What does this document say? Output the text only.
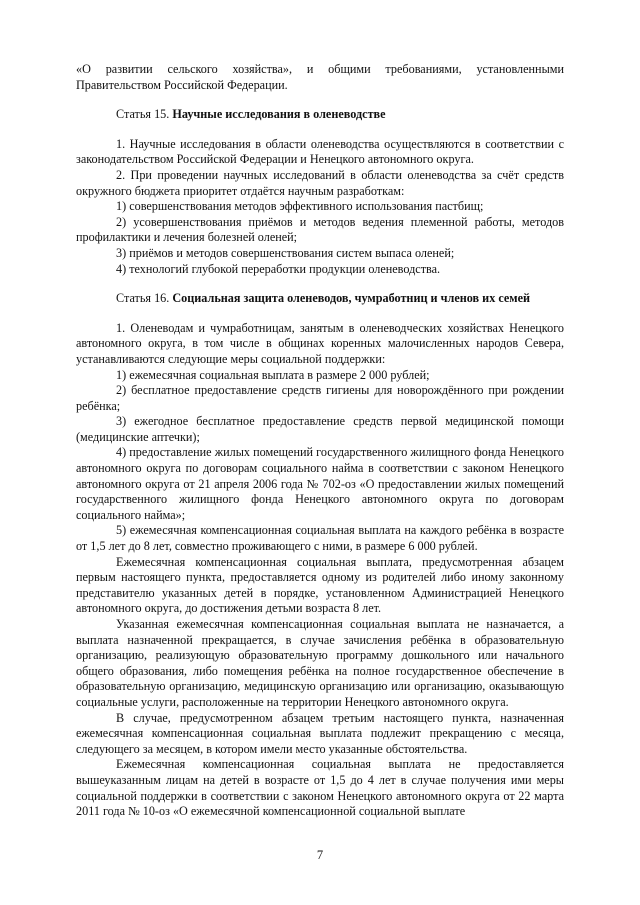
«О развитии сельского хозяйства», и общими требованиями, установленными Правительством Российской Федерации.

Статья 15. Научные исследования в оленеводстве

1. Научные исследования в области оленеводства осуществляются в соответствии с законодательством Российской Федерации и Ненецкого автономного округа.

2. При проведении научных исследований в области оленеводства за счёт средств окружного бюджета приоритет отдаётся научным разработкам:

1) совершенствования методов эффективного использования пастбищ;

2) усовершенствования приёмов и методов ведения племенной работы, методов профилактики и лечения болезней оленей;

3) приёмов и методов совершенствования систем выпаса оленей;

4) технологий глубокой переработки продукции оленеводства.

Статья 16. Социальная защита оленеводов, чумработниц и членов их семей

1. Оленеводам и чумработницам, занятым в оленеводческих хозяйствах Ненецкого автономного округа, в том числе в общинах коренных малочисленных народов Севера, устанавливаются следующие меры социальной поддержки:

1) ежемесячная социальная выплата в размере 2 000 рублей;

2) бесплатное предоставление средств гигиены для новорождённого при рождении ребёнка;

3) ежегодное бесплатное предоставление средств первой медицинской помощи (медицинские аптечки);

4) предоставление жилых помещений государственного жилищного фонда Ненецкого автономного округа по договорам социального найма в соответствии с законом Ненецкого автономного округа от 21 апреля 2006 года № 702-оз «О предоставлении жилых помещений государственного жилищного фонда Ненецкого автономного округа по договорам социального найма»;

5) ежемесячная компенсационная социальная выплата на каждого ребёнка в возрасте от 1,5 лет до 8 лет, совместно проживающего с ними, в размере 6 000 рублей.

Ежемесячная компенсационная социальная выплата, предусмотренная абзацем первым настоящего пункта, предоставляется одному из родителей либо иному законному представителю указанных детей в порядке, установленном Администрацией Ненецкого автономного округа, до достижения детьми возраста 8 лет.

Указанная ежемесячная компенсационная социальная выплата не назначается, а выплата назначенной прекращается, в случае зачисления ребёнка в образовательную организацию, реализующую образовательную программу дошкольного или начального общего образования, либо помещения ребёнка на полное государственное обеспечение в образовательную организацию, медицинскую организацию или организацию, оказывающую социальные услуги, расположенные на территории Ненецкого автономного округа.

В случае, предусмотренном абзацем третьим настоящего пункта, назначенная ежемесячная компенсационная социальная выплата подлежит прекращению с месяца, следующего за месяцем, в котором имели место указанные обстоятельства.

Ежемесячная компенсационная социальная выплата не предоставляется вышеуказанным лицам на детей в возрасте от 1,5 до 4 лет в случае получения ими меры социальной поддержки в соответствии с законом Ненецкого автономного округа от 22 марта 2011 года № 10-оз «О ежемесячной компенсационной социальной выплате

7
